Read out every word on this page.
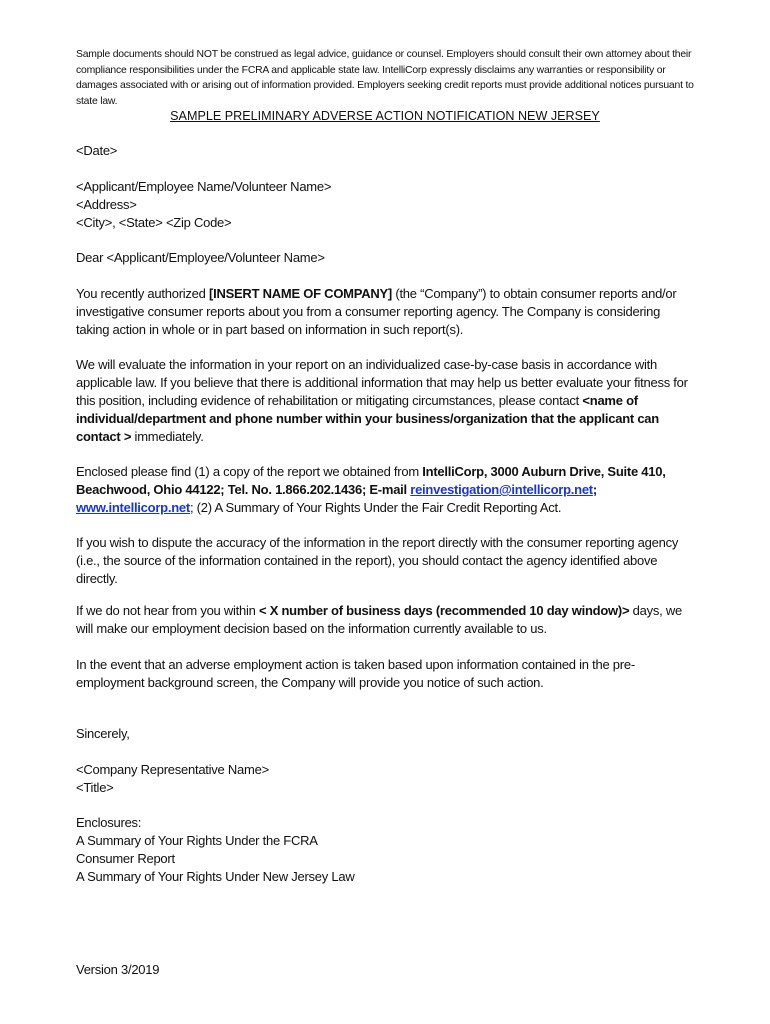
Sample documents should NOT be construed as legal advice, guidance or counsel. Employers should consult their own attorney about their compliance responsibilities under the FCRA and applicable state law. IntelliCorp expressly disclaims any warranties or responsibility or damages associated with or arising out of information provided. Employers seeking credit reports must provide additional notices pursuant to state law.

SAMPLE PRELIMINARY ADVERSE ACTION NOTIFICATION NEW JERSEY

<Date>

<Applicant/Employee Name/Volunteer Name>
<Address>
<City>, <State> <Zip Code>

Dear <Applicant/Employee/Volunteer Name>

You recently authorized [INSERT NAME OF COMPANY] (the “Company”) to obtain consumer reports and/or investigative consumer reports about you from a consumer reporting agency. The Company is considering taking action in whole or in part based on information in such report(s).

We will evaluate the information in your report on an individualized case-by-case basis in accordance with applicable law. If you believe that there is additional information that may help us better evaluate your fitness for this position, including evidence of rehabilitation or mitigating circumstances, please contact <name of individual/department and phone number within your business/organization that the applicant can contact > immediately.

Enclosed please find (1) a copy of the report we obtained from IntelliCorp, 3000 Auburn Drive, Suite 410, Beachwood, Ohio 44122; Tel. No. 1.866.202.1436; E-mail reinvestigation@intellicorp.net; www.intellicorp.net; (2) A Summary of Your Rights Under the Fair Credit Reporting Act.

If you wish to dispute the accuracy of the information in the report directly with the consumer reporting agency (i.e., the source of the information contained in the report), you should contact the agency identified above directly.

If we do not hear from you within < X number of business days (recommended 10 day window)> days, we will make our employment decision based on the information currently available to us.

In the event that an adverse employment action is taken based upon information contained in the pre-employment background screen, the Company will provide you notice of such action.

Sincerely,

<Company Representative Name>
<Title>
Enclosures:
A Summary of Your Rights Under the FCRA
Consumer Report
A Summary of Your Rights Under New Jersey Law

Version 3/2019
